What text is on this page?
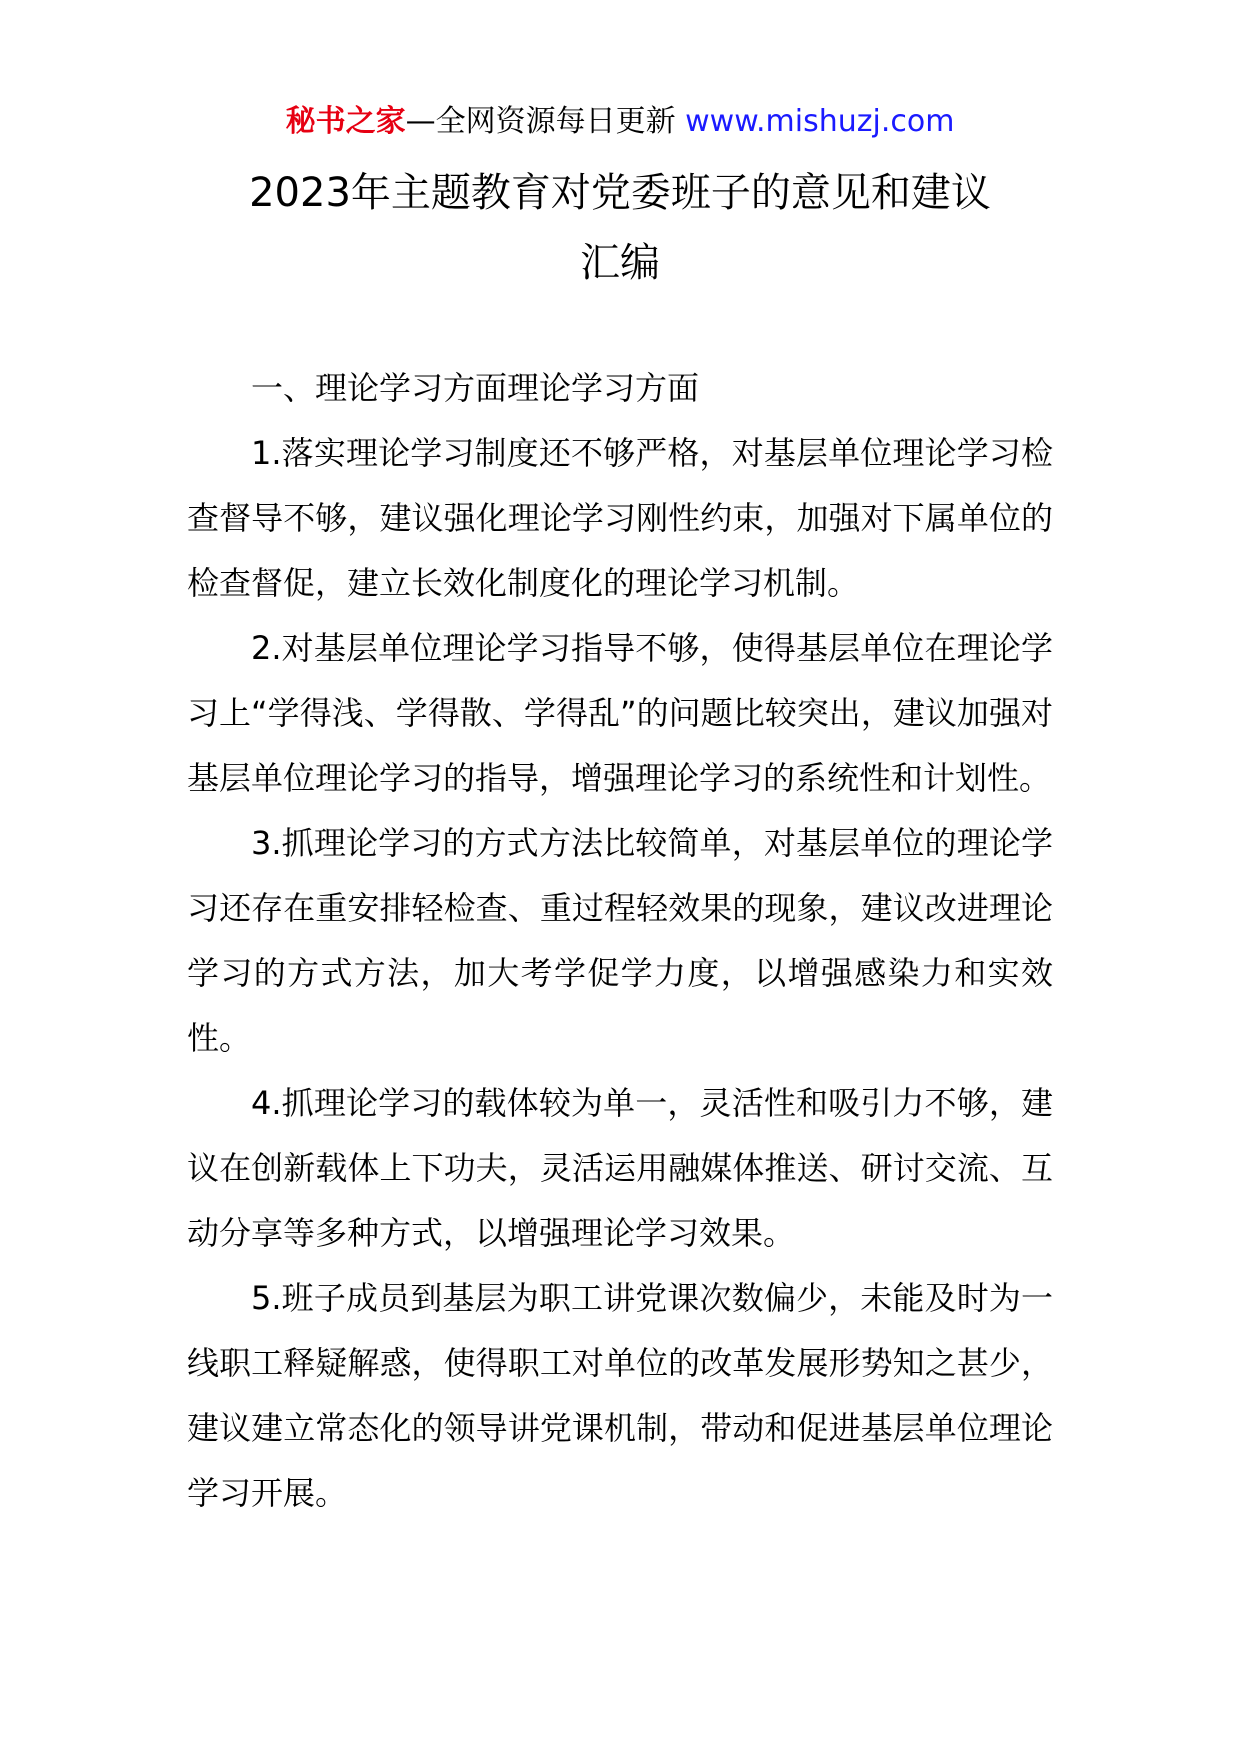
秘书之家—全网资源每日更新 www.mishuzj.com
2023年主题教育对党委班子的意见和建议
汇编

一、理论学习方面理论学习方面

1.落实理论学习制度还不够严格，对基层单位理论学习检查督导不够，建议强化理论学习刚性约束，加强对下属单位的检查督促，建立长效化制度化的理论学习机制。

2.对基层单位理论学习指导不够，使得基层单位在理论学习上“学得浅、学得散、学得乱”的问题比较突出，建议加强对基层单位理论学习的指导，增强理论学习的系统性和计划性。

3.抓理论学习的方式方法比较简单，对基层单位的理论学习还存在重安排轻检查、重过程轻效果的现象，建议改进理论学习的方式方法，加大考学促学力度，以增强感染力和实效性。

4.抓理论学习的载体较为单一，灵活性和吸引力不够，建议在创新载体上下功夫，灵活运用融媒体推送、研讨交流、互动分享等多种方式，以增强理论学习效果。

5.班子成员到基层为职工讲党课次数偏少，未能及时为一线职工释疑解惑，使得职工对单位的改革发展形势知之甚少，建议建立常态化的领导讲党课机制，带动和促进基层单位理论学习开展。
